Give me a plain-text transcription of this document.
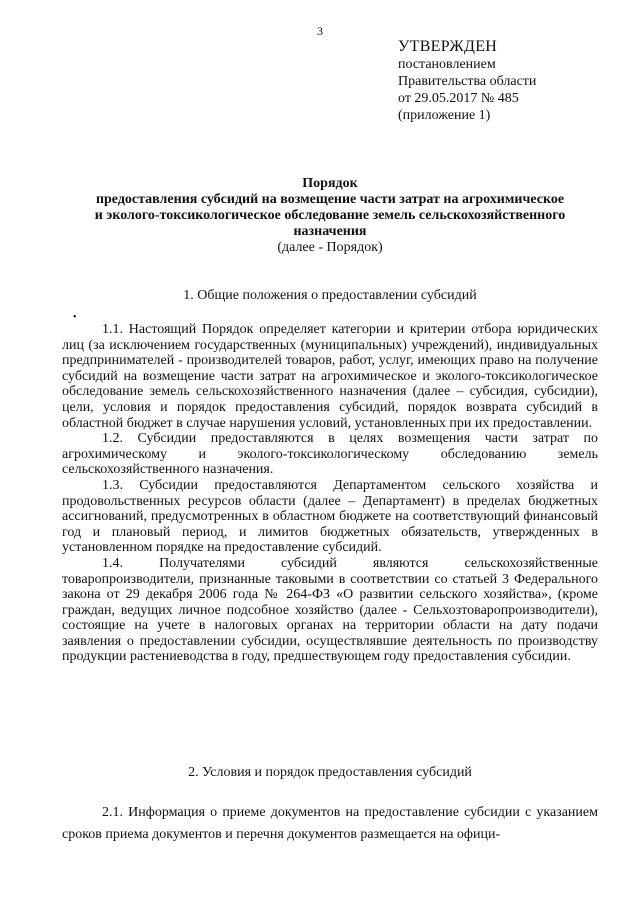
3
УТВЕРЖДЕН
постановлением
Правительства области
от 29.05.2017 № 485
(приложение 1)
Порядок
предоставления субсидий на возмещение части затрат на агрохимическое
и эколого-токсикологическое обследование земель сельскохозяйственного
назначения
(далее - Порядок)
1. Общие положения о предоставлении субсидий
•

1.1. Настоящий Порядок определяет категории и критерии отбора юридических лиц (за исключением государственных (муниципальных) учреждений), индивидуальных предпринимателей - производителей товаров, работ, услуг, имеющих право на получение субсидий на возмещение части затрат на агрохимическое и эколого-токсикологическое обследование земель сельскохозяйственного назначения (далее – субсидия, субсидии), цели, условия и порядок предоставления субсидий, порядок возврата субсидий в областной бюджет в случае нарушения условий, установленных при их предоставлении.

1.2. Субсидии предоставляются в целях возмещения части затрат по агрохимическому и эколого-токсикологическому обследованию земель сельскохозяйственного назначения.

1.3. Субсидии предоставляются Департаментом сельского хозяйства и продовольственных ресурсов области (далее – Департамент) в пределах бюджетных ассигнований, предусмотренных в областном бюджете на соответствующий финансовый год и плановый период, и лимитов бюджетных обязательств, утвержденных в установленном порядке на предоставление субсидий.

1.4. Получателями субсидий являются сельскохозяйственные товаропроизводители, признанные таковыми в соответствии со статьей 3 Федерального закона от 29 декабря 2006 года № 264-ФЗ «О развитии сельского хозяйства», (кроме граждан, ведущих личное подсобное хозяйство (далее - Сельхозтоваропроизводители), состоящие на учете в налоговых органах на территории области на дату подачи заявления о предоставлении субсидии, осуществлявшие деятельность по производству продукции растениеводства в году, предшествующем году предоставления субсидии.

2. Условия и порядок предоставления субсидий

2.1. Информация о приеме документов на предоставление субсидии с указанием сроков приема документов и перечня документов размещается на офици-
